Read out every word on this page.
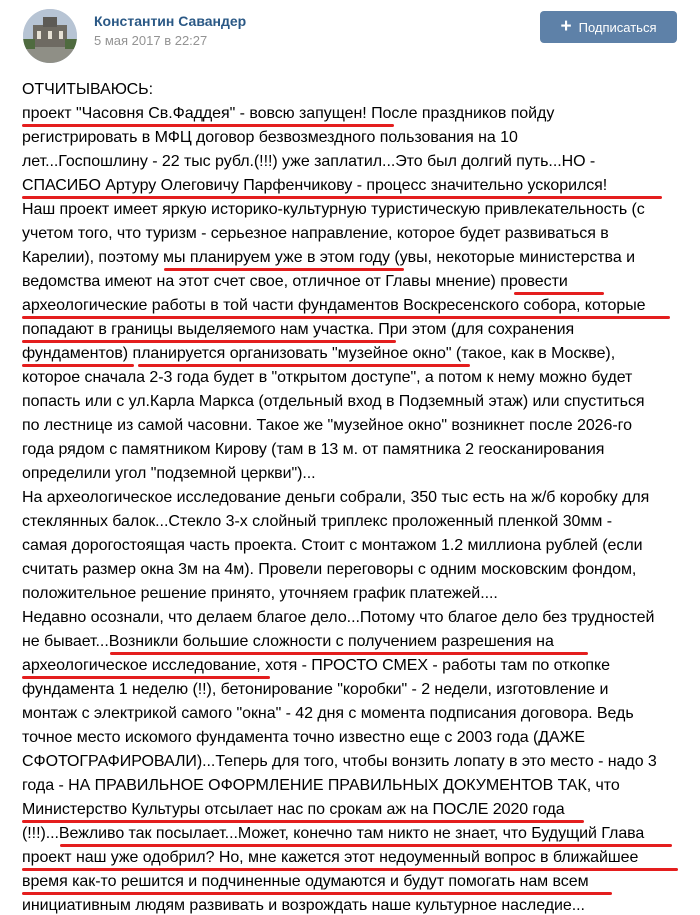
Константин Савандер
5 мая 2017 в 22:27
+ Подписаться
ОТЧИТЫВАЮСЬ:
проект "Часовня Св.Фаддея" - вовсю запущен! После праздников пойду
регистрировать в МФЦ договор безвозмездного пользования на 10
лет...Госпошлину - 22 тыс рубл.(!!!) уже заплатил...Это был долгий путь...НО -
СПАСИБО Артуру Олеговичу Парфенчикову - процесс значительно ускорился!
Наш проект имеет яркую историко-культурную туристическую привлекательность (с
учетом того, что туризм - серьезное направление, которое будет развиваться в
Карелии), поэтому мы планируем уже в этом году (увы, некоторые министерства и
ведомства имеют на этот счет свое, отличное от Главы мнение) провести
археологические работы в той части фундаментов Воскресенского собора, которые
попадают в границы выделяемого нам участка. При этом (для сохранения
фундаментов) планируется организовать "музейное окно" (такое, как в Москве),
которое сначала 2-3 года будет в "открытом доступе", а потом к нему можно будет
попасть или с ул.Карла Маркса (отдельный вход в Подземный этаж) или спуститься
по лестнице из самой часовни. Такое же "музейное окно" возникнет после 2026-го
года рядом с памятником Кирову (там в 13 м. от памятника 2 геосканирования
определили угол "подземной церкви")...
На археологическое исследование деньги собрали, 350 тыс есть на ж/б коробку для
стеклянных балок...Стекло 3-х слойный триплекс проложенный пленкой 30мм -
самая дорогостоящая часть проекта. Стоит с монтажом 1.2 миллиона рублей (если
считать размер окна 3м на 4м). Провели переговоры с одним московским фондом,
положительное решение принято, уточняем график платежей....
Недавно осознали, что делаем благое дело...Потому что благое дело без трудностей
не бывает...Возникли большие сложности с получением разрешения на
археологическое исследование, хотя - ПРОСТО СМЕХ - работы там по откопке
фундамента 1 неделю (!!), бетонирование "коробки" - 2 недели, изготовление и
монтаж с электрикой самого "окна" - 42 дня с момента подписания договора. Ведь
точное место искомого фундамента точно известно еще с 2003 года (ДАЖЕ
СФОТОГРАФИРОВАЛИ)...Теперь для того, чтобы вонзить лопату в это место - надо 3
года - НА ПРАВИЛЬНОЕ ОФОРМЛЕНИЕ ПРАВИЛЬНЫХ ДОКУМЕНТОВ ТАК, что
Министерство Культуры отсылает нас по срокам аж на ПОСЛЕ 2020 года
(!!!)...Вежливо так посылает...Может, конечно там никто не знает, что Будущий Глава
проект наш уже одобрил? Но, мне кажется этот недоуменный вопрос в ближайшее
время как-то решится и подчиненные одумаются и будут помогать нам всем
инициативным людям развивать и возрождать наше культурное наследие...
